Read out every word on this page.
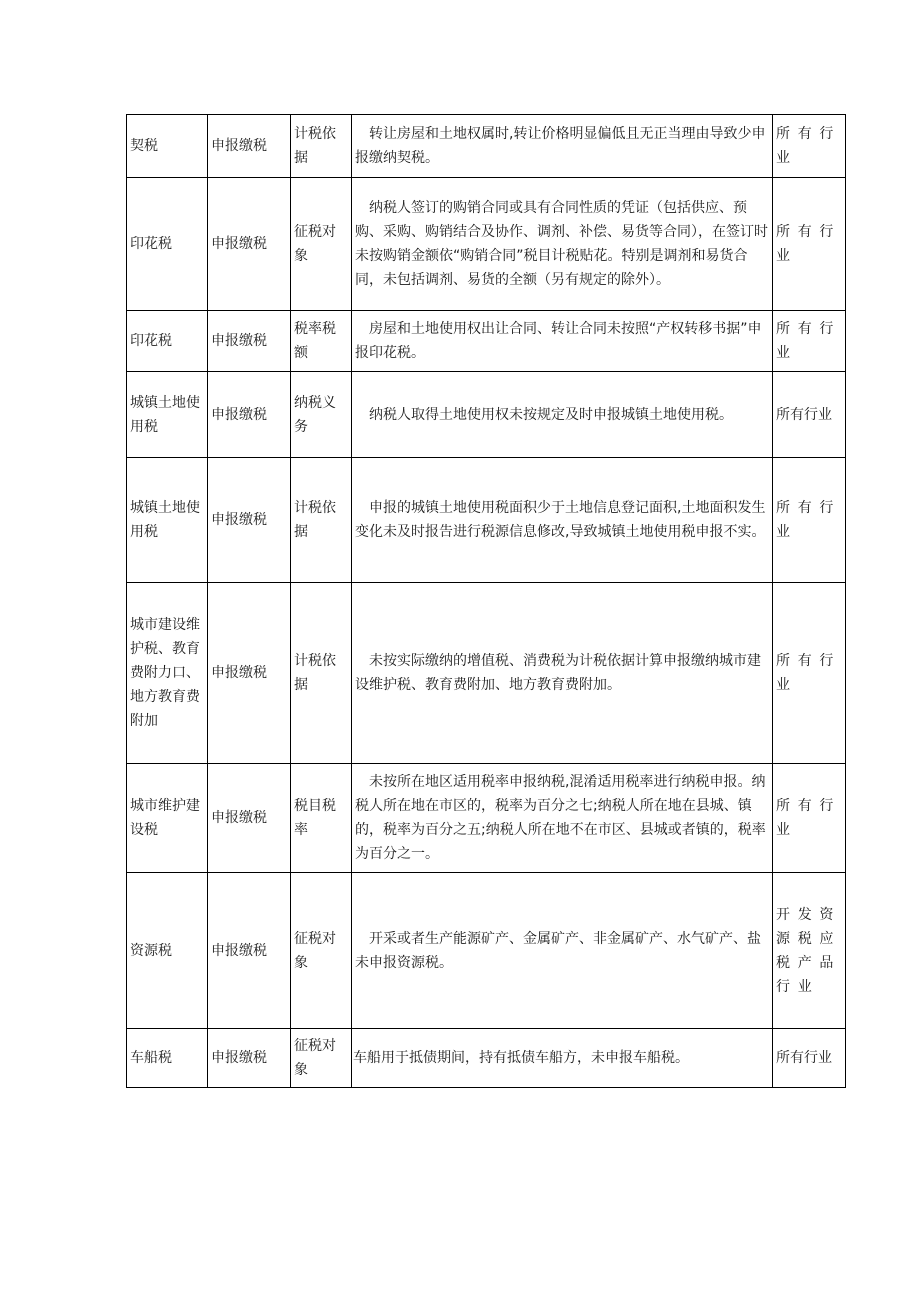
契税	申报缴税	计税依据	转让房屋和土地权属时,转让价格明显偏低且无正当理由导致少申报缴纳契税。	所有行业
印花税	申报缴税	征税对象	纳税人签订的购销合同或具有合同性质的凭证（包括供应、预购、采购、购销结合及协作、调剂、补偿、易货等合同），在签订时未按购销金额依“购销合同”税目计税贴花。特别是调剂和易货合同，未包括调剂、易货的全额（另有规定的除外）。	所有行业
印花税	申报缴税	税率税额	房屋和土地使用权出让合同、转让合同未按照“产权转移书据”申报印花税。	所有行业
城镇土地使用税	申报缴税	纳税义务	纳税人取得土地使用权未按规定及时申报城镇土地使用税。	所有行业
城镇土地使用税	申报缴税	计税依据	申报的城镇土地使用税面积少于土地信息登记面积,土地面积发生变化未及时报告进行税源信息修改,导致城镇土地使用税申报不实。	所有行业
城市建设维护税、教育费附力口、地方教育费附加	申报缴税	计税依据	未按实际缴纳的增值税、消费税为计税依据计算申报缴纳城市建设维护税、教育费附加、地方教育费附加。	所有行业
城市维护建设税	申报缴税	税目税率	未按所在地区适用税率申报纳税,混淆适用税率进行纳税申报。纳税人所在地在市区的，税率为百分之七;纳税人所在地在县城、镇的，税率为百分之五;纳税人所在地不在市区、县城或者镇的，税率为百分之一。	所有行业
资源税	申报缴税	征税对象	开采或者生产能源矿产、金属矿产、非金属矿产、水气矿产、盐未申报资源税。	开发资源税应税产品行业
车船税	申报缴税	征税对象	车船用于抵债期间，持有抵债车船方，未申报车船税。	所有行业
